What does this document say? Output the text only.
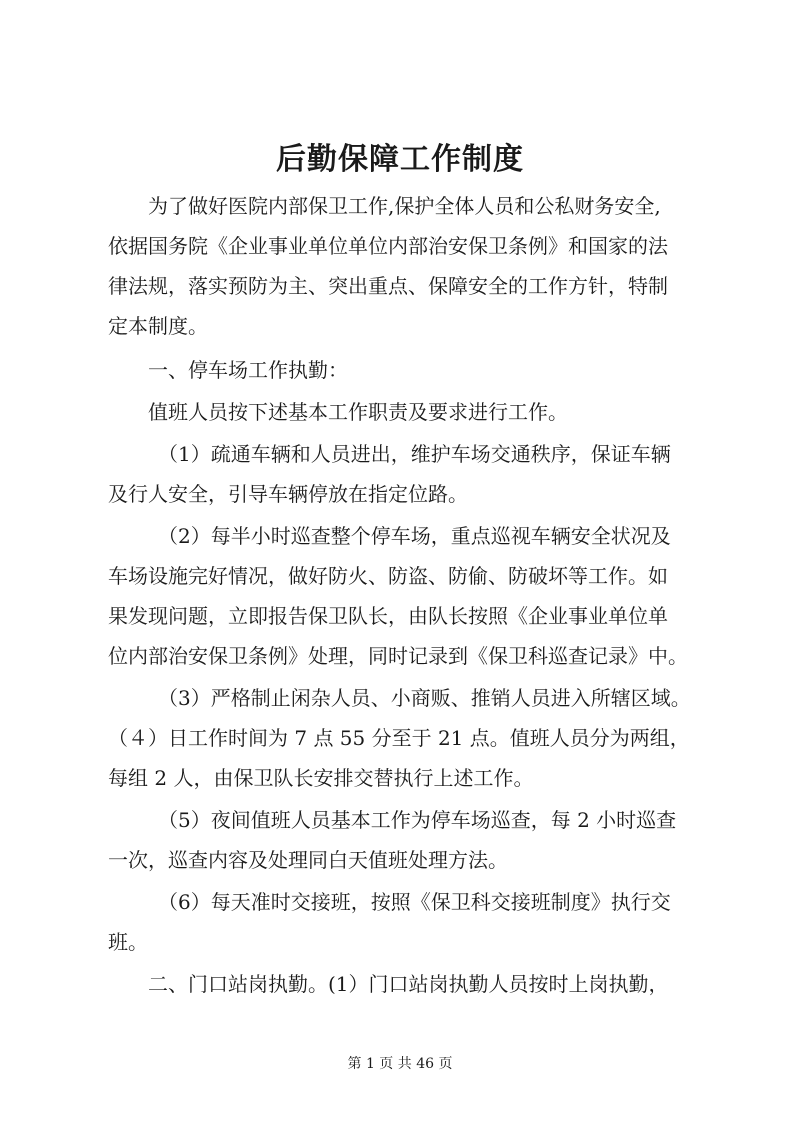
后勤保障工作制度

为了做好医院内部保卫工作,保护全体人员和公私财务安全,

依据国务院《企业事业单位单位内部治安保卫条例》和国家的法

律法规，落实预防为主、突出重点、保障安全的工作方针，特制

定本制度。

一、停车场工作执勤：

值班人员按下述基本工作职责及要求进行工作。

（1）疏通车辆和人员进出，维护车场交通秩序，保证车辆

及行人安全，引导车辆停放在指定位路。

（2）每半小时巡查整个停车场，重点巡视车辆安全状况及

车场设施完好情况，做好防火、防盗、防偷、防破坏等工作。如

果发现问题，立即报告保卫队长，由队长按照《企业事业单位单

位内部治安保卫条例》处理，同时记录到《保卫科巡查记录》中。

（3）严格制止闲杂人员、小商贩、推销人员进入所辖区域。

（４）日工作时间为 7 点 55 分至于 21 点。值班人员分为两组，

每组 2 人，由保卫队长安排交替执行上述工作。

（5）夜间值班人员基本工作为停车场巡查，每 2 小时巡查

一次，巡查内容及处理同白天值班处理方法。

（6）每天准时交接班，按照《保卫科交接班制度》执行交

班。

二、门口站岗执勤。(1）门口站岗执勤人员按时上岗执勤，

第 1 页 共 46 页
